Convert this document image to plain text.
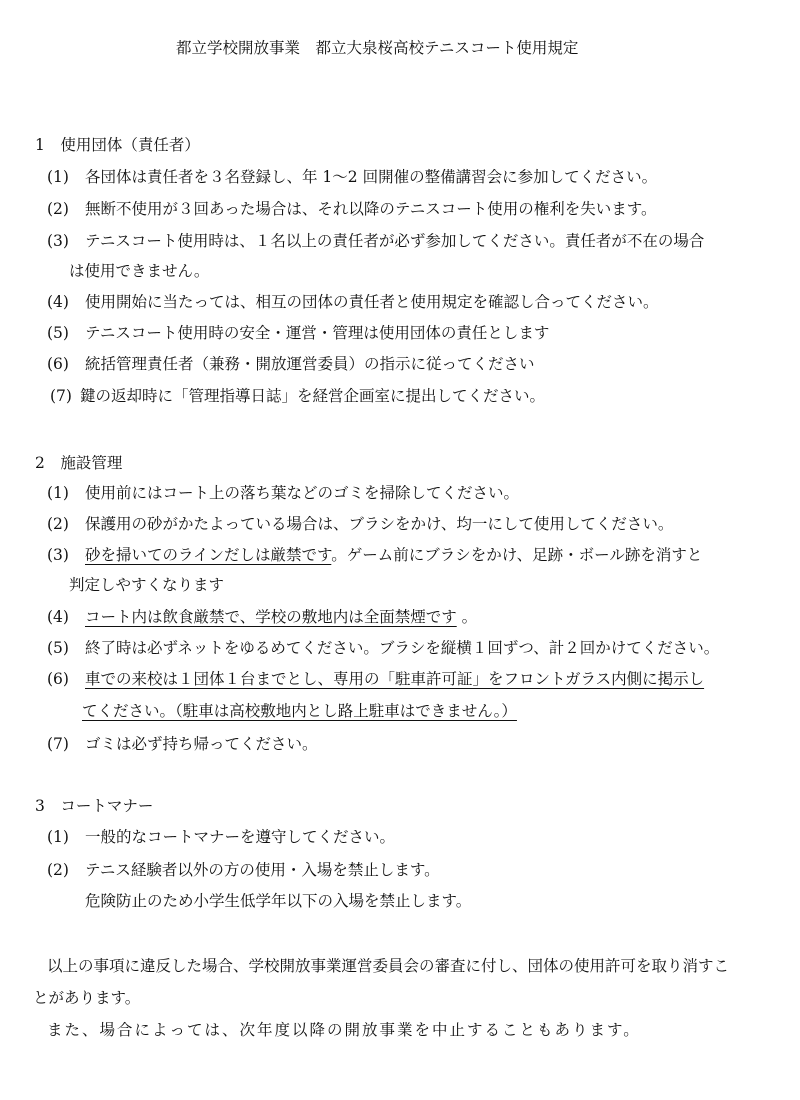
都立学校開放事業　都立大泉桜高校テニスコート使用規定
1　使用団体（責任者）
(1) 各団体は責任者を３名登録し、年 1～2 回開催の整備講習会に参加してください。
(2) 無断不使用が３回あった場合は、それ以降のテニスコート使用の権利を失います。
(3) テニスコート使用時は、１名以上の責任者が必ず参加してください。責任者が不在の場合
は使用できません。
(4) 使用開始に当たっては、相互の団体の責任者と使用規定を確認し合ってください。
(5) テニスコート使用時の安全・運営・管理は使用団体の責任とします
(6) 統括管理責任者（兼務・開放運営委員）の指示に従ってください
(7) 鍵の返却時に「管理指導日誌」を経営企画室に提出してください。
2　施設管理
(1) 使用前にはコート上の落ち葉などのゴミを掃除してください。
(2) 保護用の砂がかたよっている場合は、ブラシをかけ、均一にして使用してください。
(3) 砂を掃いてのラインだしは厳禁です。ゲーム前にブラシをかけ、足跡・ボール跡を消すと
判定しやすくなります
(4) コート内は飲食厳禁で、学校の敷地内は全面禁煙です 。
(5) 終了時は必ずネットをゆるめてください。ブラシを縦横１回ずつ、計２回かけてください。
(6) 車での来校は１団体１台までとし、専用の「駐車許可証」をフロントガラス内側に掲示し
てください。（駐車は高校敷地内とし路上駐車はできません。）
(7) ゴミは必ず持ち帰ってください。
3　コートマナー
(1) 一般的なコートマナーを遵守してください。
(2) テニス経験者以外の方の使用・入場を禁止します。
危険防止のため小学生低学年以下の入場を禁止します。
以上の事項に違反した場合、学校開放事業運営委員会の審査に付し、団体の使用許可を取り消すこ
とがあります。
また、場合によっては、次年度以降の開放事業を中止することもあります。
